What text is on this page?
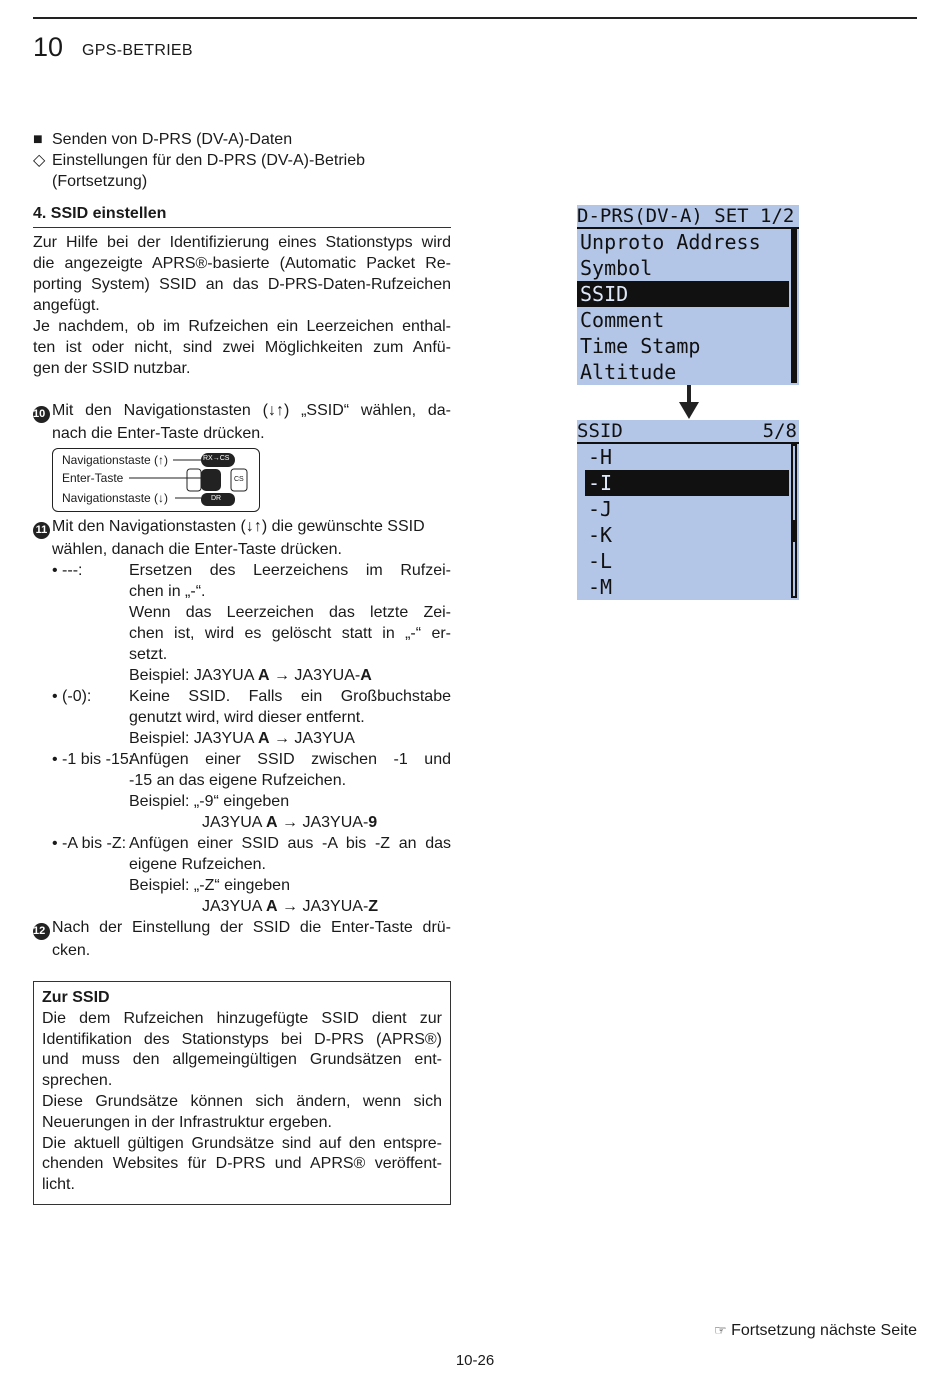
10 GPS-BETRIEB
■ Senden von D-PRS (DV-A)-Daten
◇ Einstellungen für den D-PRS (DV-A)-Betrieb
(Fortsetzung)
4. SSID einstellen
Zur Hilfe bei der Identifizierung eines Stationstyps wird
die angezeigte APRS®-basierte (Automatic Packet Re-
porting System) SSID an das D-PRS-Daten-Rufzeichen
angefügt.
Je nachdem, ob im Rufzeichen ein Leerzeichen enthal-
ten ist oder nicht, sind zwei Möglichkeiten zum Anfü-
gen der SSID nutzbar.
10 Mit den Navigationstasten (↓↑) „SSID“ wählen, da-
nach die Enter-Taste drücken.
Navigationstaste (↑)
Enter-Taste
Navigationstaste (↓)
RX→CS
DR
CS
11 Mit den Navigationstasten (↓↑) die gewünschte SSID
wählen, danach die Enter-Taste drücken.
• ---:	Ersetzen des Leerzeichens im Rufzei-
chen in „-“.
Wenn das Leerzeichen das letzte Zei-
chen ist, wird es gelöscht statt in „-“ er-
setzt.
Beispiel: JA3YUA A → JA3YUA-A
• (-0):	Keine SSID. Falls ein Großbuchstabe
genutzt wird, wird dieser entfernt.
Beispiel: JA3YUA A → JA3YUA
• -1 bis -15:
Anfügen einer SSID zwischen -1 und
-15 an das eigene Rufzeichen.
Beispiel: „-9“ eingeben
JA3YUA A → JA3YUA-9
• -A bis -Z: Anfügen einer SSID aus -A bis -Z an das
eigene Rufzeichen.
Beispiel: „-Z“ eingeben
JA3YUA A → JA3YUA-Z
12 Nach der Einstellung der SSID die Enter-Taste drü-
cken.
Zur SSID
Die dem Rufzeichen hinzugefügte SSID dient zur
Identifikation des Stationstyps bei D-PRS (APRS®)
und muss den allgemeingültigen Grundsätzen ent-
sprechen.
Diese Grundsätze können sich ändern, wenn sich
Neuerungen in der Infrastruktur ergeben.
Die aktuell gültigen Grundsätze sind auf den entspre-
chenden Websites für D-PRS und APRS® veröffent-
licht.
D-PRS(DV-A) SET 1/2
Unproto Address
Symbol
SSID
Comment
Time Stamp
Altitude
SSID	5/8
-H
-I
-J
-K
-L
-M
☞ Fortsetzung nächste Seite
10-26
